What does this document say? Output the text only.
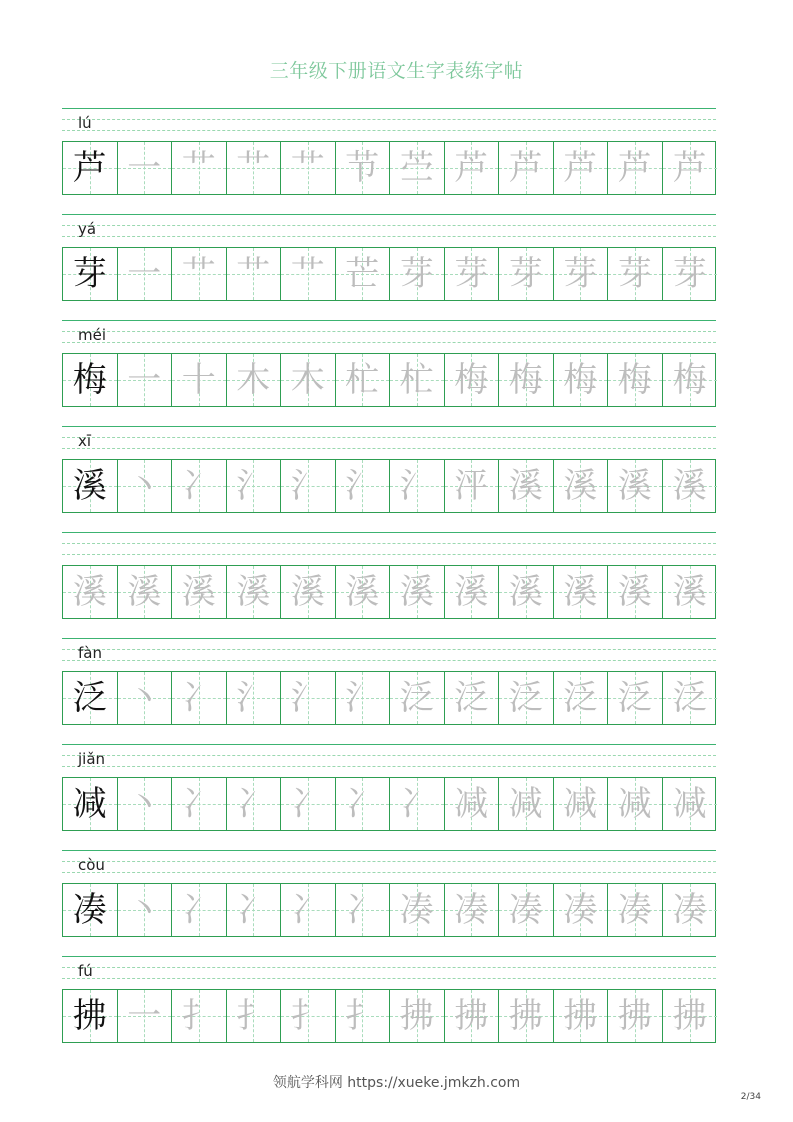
三年级下册语文生字表练字帖
lú
芦 一 艹 艹 艹 节 苎 芦 芦 芦 芦 芦
yá
芽 一 艹 艹 艹 芒 芽 芽 芽 芽 芽 芽
méi
梅 一 十 木 木 杧 杧 梅 梅 梅 梅 梅
xī
溪 丶 冫 氵 氵 氵 氵 泙 溪 溪 溪 溪
溪 溪 溪 溪 溪 溪 溪 溪 溪 溪 溪 溪
fàn
泛 丶 冫 氵 氵 氵 泛 泛 泛 泛 泛 泛
jiǎn
减 丶 冫 冫 冫 冫 冫 减 减 减 减 减
còu
凑 丶 冫 冫 冫 冫 凑 凑 凑 凑 凑 凑
fú
拂 一 扌 扌 扌 扌 拂 拂 拂 拂 拂 拂
领航学科网 https://xueke.jmkzh.com
2/34
